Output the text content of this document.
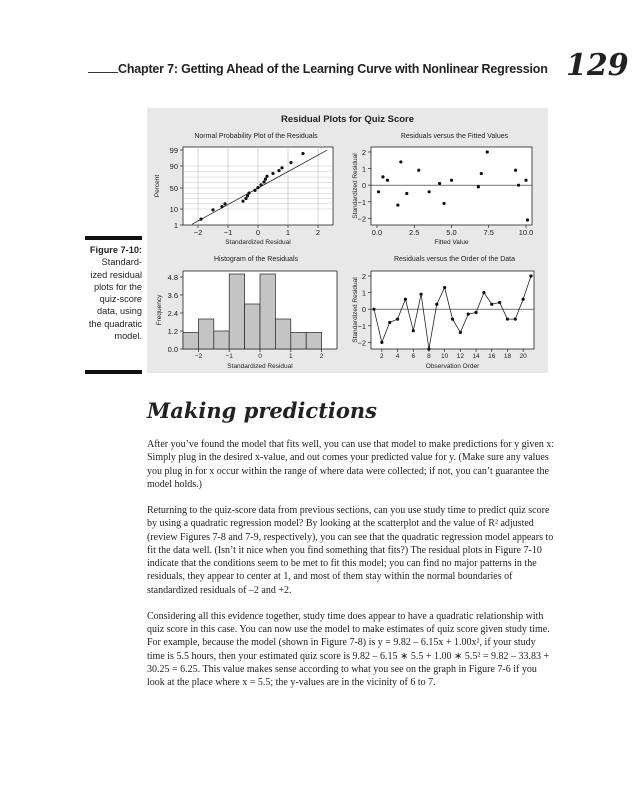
Chapter 7: Getting Ahead of the Learning Curve with Nonlinear Regression 129
Figure 7-10: Standard-ized residual plots for the quiz-score data, using the quadratic model.
Residual Plots for Quiz Score
Normal Probability Plot of the Residuals
Standardized Residual
Percent
−2	−1	0	1	2
1
10
50
90
99
Residuals versus the Fitted Values
Fitted Value
Standardized Residual
0.0	2.5	5.0	7.5	10.0
2
1
0
−1
−2
Histogram of the Residuals
Standardized Residual
Frequency
−2	−1	0	1	2
0.0
1.2
2.4
3.6
4.8
Residuals versus the Order of the Data
Observation Order
Standardized Residual
2 4 6 8 10 12 14 16 18 20
2
1
0
−1
−2
Making predictions

After you’ve found the model that fits well, you can use that model to make predictions for y given x: Simply plug in the desired x-value, and out comes your predicted value for y. (Make sure any values you plug in for x occur within the range of where data were collected; if not, you can’t guarantee the model holds.)

Returning to the quiz-score data from previous sections, can you use study time to predict quiz score by using a quadratic regression model? By looking at the scatterplot and the value of R² adjusted (review Figures 7-8 and 7-9, respectively), you can see that the quadratic regression model appears to fit the data well. (Isn’t it nice when you find something that fits?) The residual plots in Figure 7-10 indicate that the conditions seem to be met to fit this model; you can find no major patterns in the residuals, they appear to center at 1, and most of them stay within the normal boundaries of standardized residuals of –2 and +2.

Considering all this evidence together, study time does appear to have a quadratic relationship with quiz score in this case. You can now use the model to make estimates of quiz score given study time. For example, because the model (shown in Figure 7-8) is y = 9.82 – 6.15x + 1.00x², if your study time is 5.5 hours, then your estimated quiz score is 9.82 – 6.15 ∗ 5.5 + 1.00 ∗ 5.5² = 9.82 – 33.83 + 30.25 = 6.25. This value makes sense according to what you see on the graph in Figure 7-6 if you look at the place where x = 5.5; the y-values are in the vicinity of 6 to 7.
